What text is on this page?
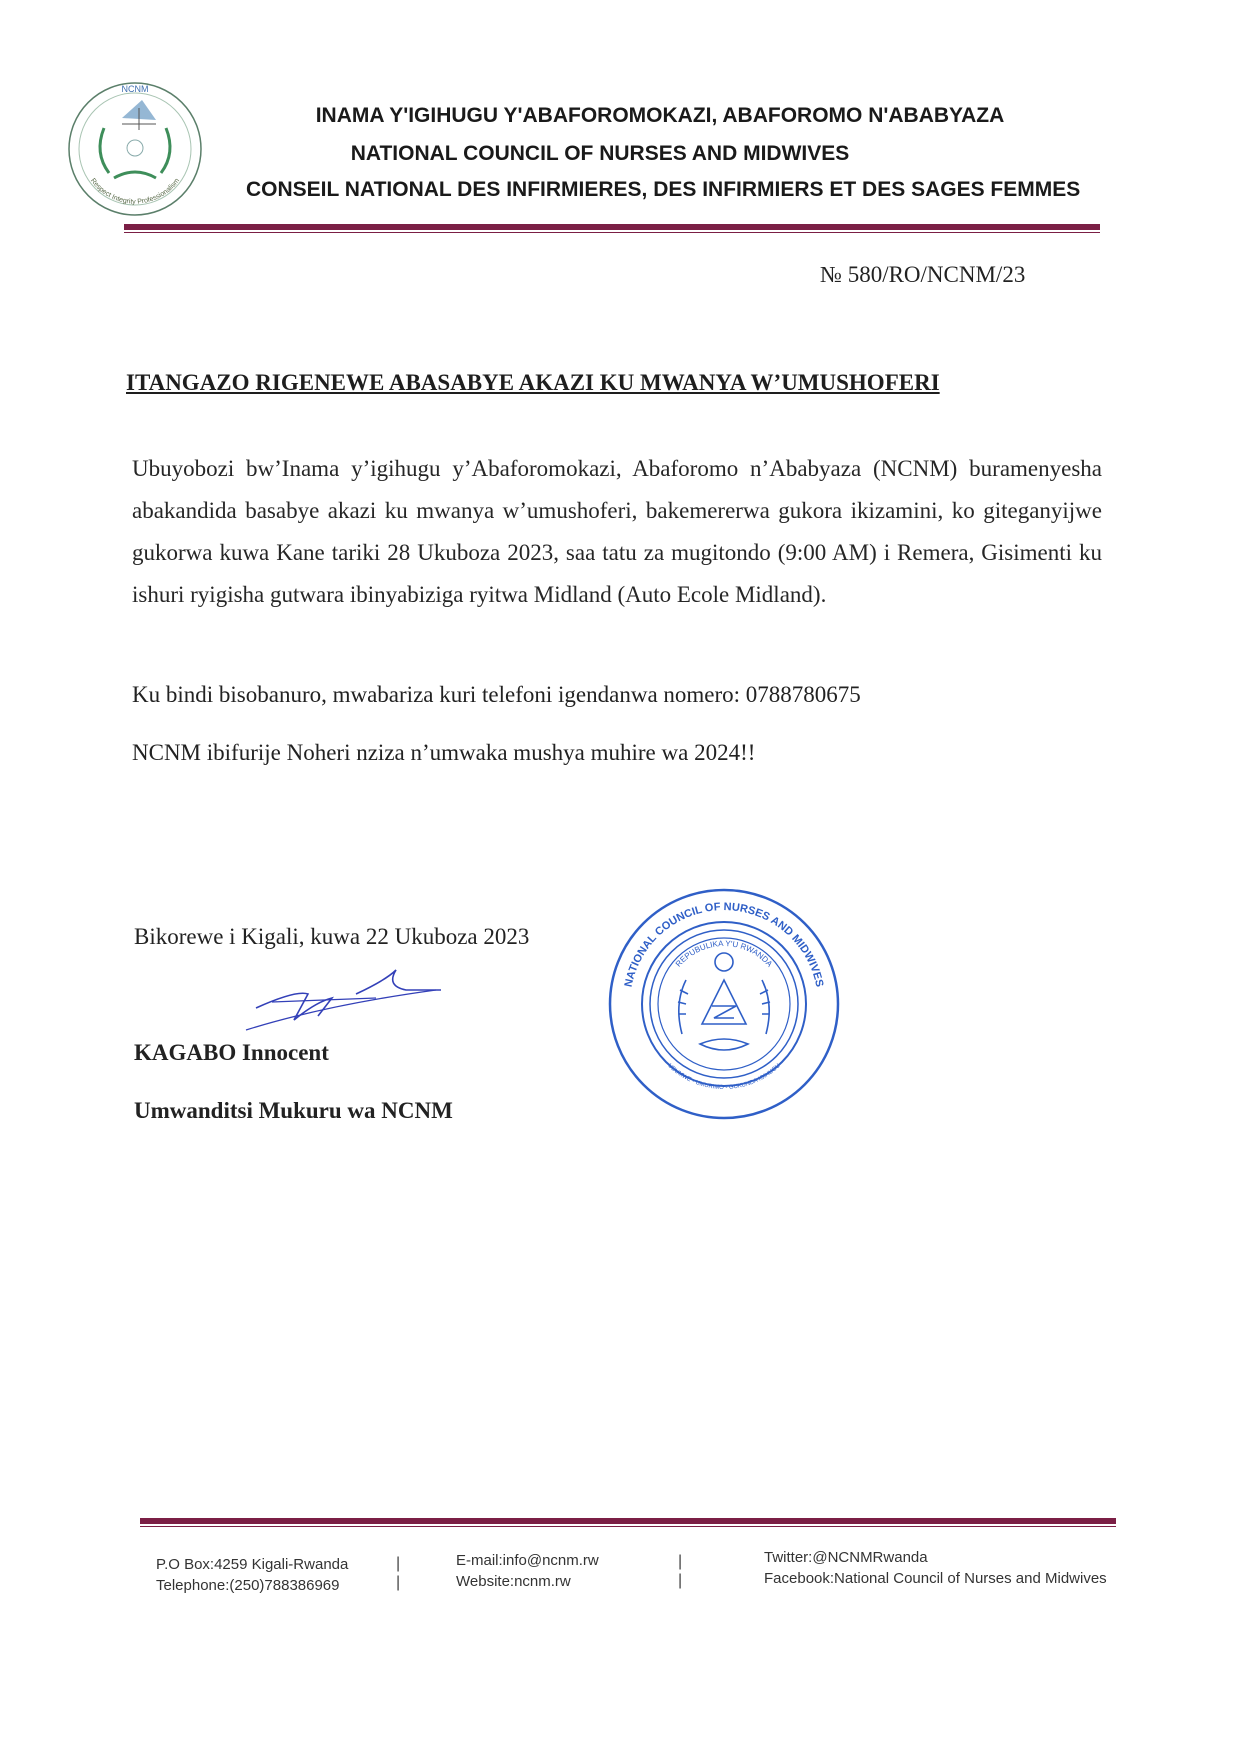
NCNM
Respect Integrity Professionalism
INAMA Y'IGIHUGU Y'ABAFOROMOKAZI, ABAFOROMO N'ABABYAZA
NATIONAL COUNCIL OF NURSES AND MIDWIVES
CONSEIL NATIONAL DES INFIRMIERES, DES INFIRMIERS ET DES SAGES FEMMES
№ 580/RO/NCNM/23
ITANGAZO RIGENEWE ABASABYE AKAZI KU MWANYA W’UMUSHOFERI
Ubuyobozi bw’Inama y’igihugu y’Abaforomokazi, Abaforomo n’Ababyaza (NCNM) buramenyesha abakandida basabye akazi ku mwanya w’umushoferi, bakemererwa gukora ikizamini, ko giteganyijwe gukorwa kuwa Kane tariki 28 Ukuboza 2023, saa tatu za mugitondo (9:00 AM) i Remera, Gisimenti ku ishuri ryigisha gutwara ibinyabiziga ryitwa Midland (Auto Ecole Midland).
Ku bindi bisobanuro, mwabariza kuri telefoni igendanwa nomero: 0788780675
NCNM ibifurije Noheri nziza n’umwaka mushya muhire wa 2024!!
Bikorewe i Kigali, kuwa 22 Ukuboza 2023
KAGABO Innocent
Umwanditsi Mukuru wa NCNM
NATIONAL COUNCIL OF NURSES AND MIDWIVES
REPUBULIKA Y'U RWANDA
UBUMWE - UMURIMO - GUKUNDA IGIHUGU
P.O Box:4259 Kigali-Rwanda
Telephone:(250)788386969
|
|
E-mail:info@ncnm.rw
Website:ncnm.rw
|
|
Twitter:@NCNMRwanda
Facebook:National Council of Nurses and Midwives
